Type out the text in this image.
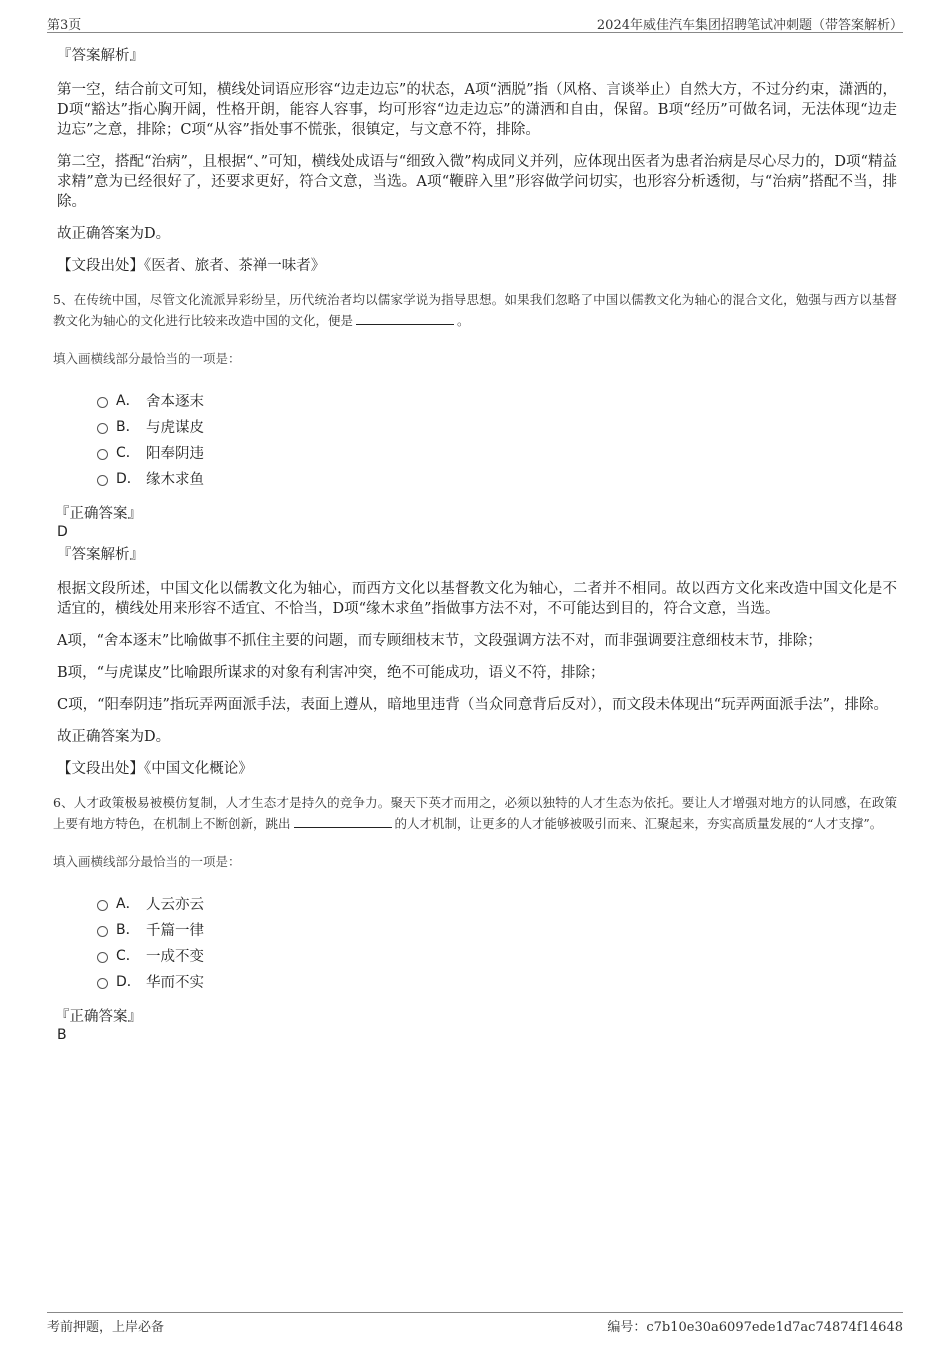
第3页	2024年威佳汽车集团招聘笔试冲刺题（带答案解析）
『答案解析』
第一空，结合前文可知，横线处词语应形容“边走边忘”的状态，A项“洒脱”指（风格、言谈举止）自然大方，不过分约束，潇洒的，D项“豁达”指心胸开阔，性格开朗，能容人容事，均可形容“边走边忘”的潇洒和自由，保留。B项“经历”可做名词，无法体现“边走边忘”之意，排除；C项“从容”指处事不慌张，很镇定，与文意不符，排除。
第二空，搭配“治病”，且根据“、”可知，横线处成语与“细致入微”构成同义并列，应体现出医者为患者治病是尽心尽力的，D项“精益求精”意为已经很好了，还要求更好，符合文意，当选。A项“鞭辟入里”形容做学问切实，也形容分析透彻，与“治病”搭配不当，排除。
故正确答案为D。
【文段出处】《医者、旅者、茶禅一味者》
5、在传统中国，尽管文化流派异彩纷呈，历代统治者均以儒家学说为指导思想。如果我们忽略了中国以儒教文化为轴心的混合文化，勉强与西方以基督教文化为轴心的文化进行比较来改造中国的文化，便是	。
填入画横线部分最恰当的一项是：
A． 舍本逐末
B． 与虎谋皮
C． 阳奉阴违
D． 缘木求鱼
『正确答案』
D
『答案解析』
根据文段所述，中国文化以儒教文化为轴心，而西方文化以基督教文化为轴心，二者并不相同。故以西方文化来改造中国文化是不适宜的，横线处用来形容不适宜、不恰当，D项“缘木求鱼”指做事方法不对，不可能达到目的，符合文意，当选。
A项，“舍本逐末”比喻做事不抓住主要的问题，而专顾细枝末节，文段强调方法不对，而非强调要注意细枝末节，排除；
B项，“与虎谋皮”比喻跟所谋求的对象有利害冲突，绝不可能成功，语义不符，排除；
C项，“阳奉阴违”指玩弄两面派手法，表面上遵从，暗地里违背（当众同意背后反对），而文段未体现出“玩弄两面派手法”，排除。
故正确答案为D。
【文段出处】《中国文化概论》
6、人才政策极易被模仿复制，人才生态才是持久的竞争力。聚天下英才而用之，必须以独特的人才生态为依托。要让人才增强对地方的认同感，在政策上要有地方特色，在机制上不断创新，跳出	的人才机制，让更多的人才能够被吸引而来、汇聚起来，夯实高质量发展的“人才支撑”。
填入画横线部分最恰当的一项是：
A． 人云亦云
B． 千篇一律
C． 一成不变
D． 华而不实
『正确答案』
B
考前押题，上岸必备	编号：c7b10e30a6097ede1d7ac74874f14648
